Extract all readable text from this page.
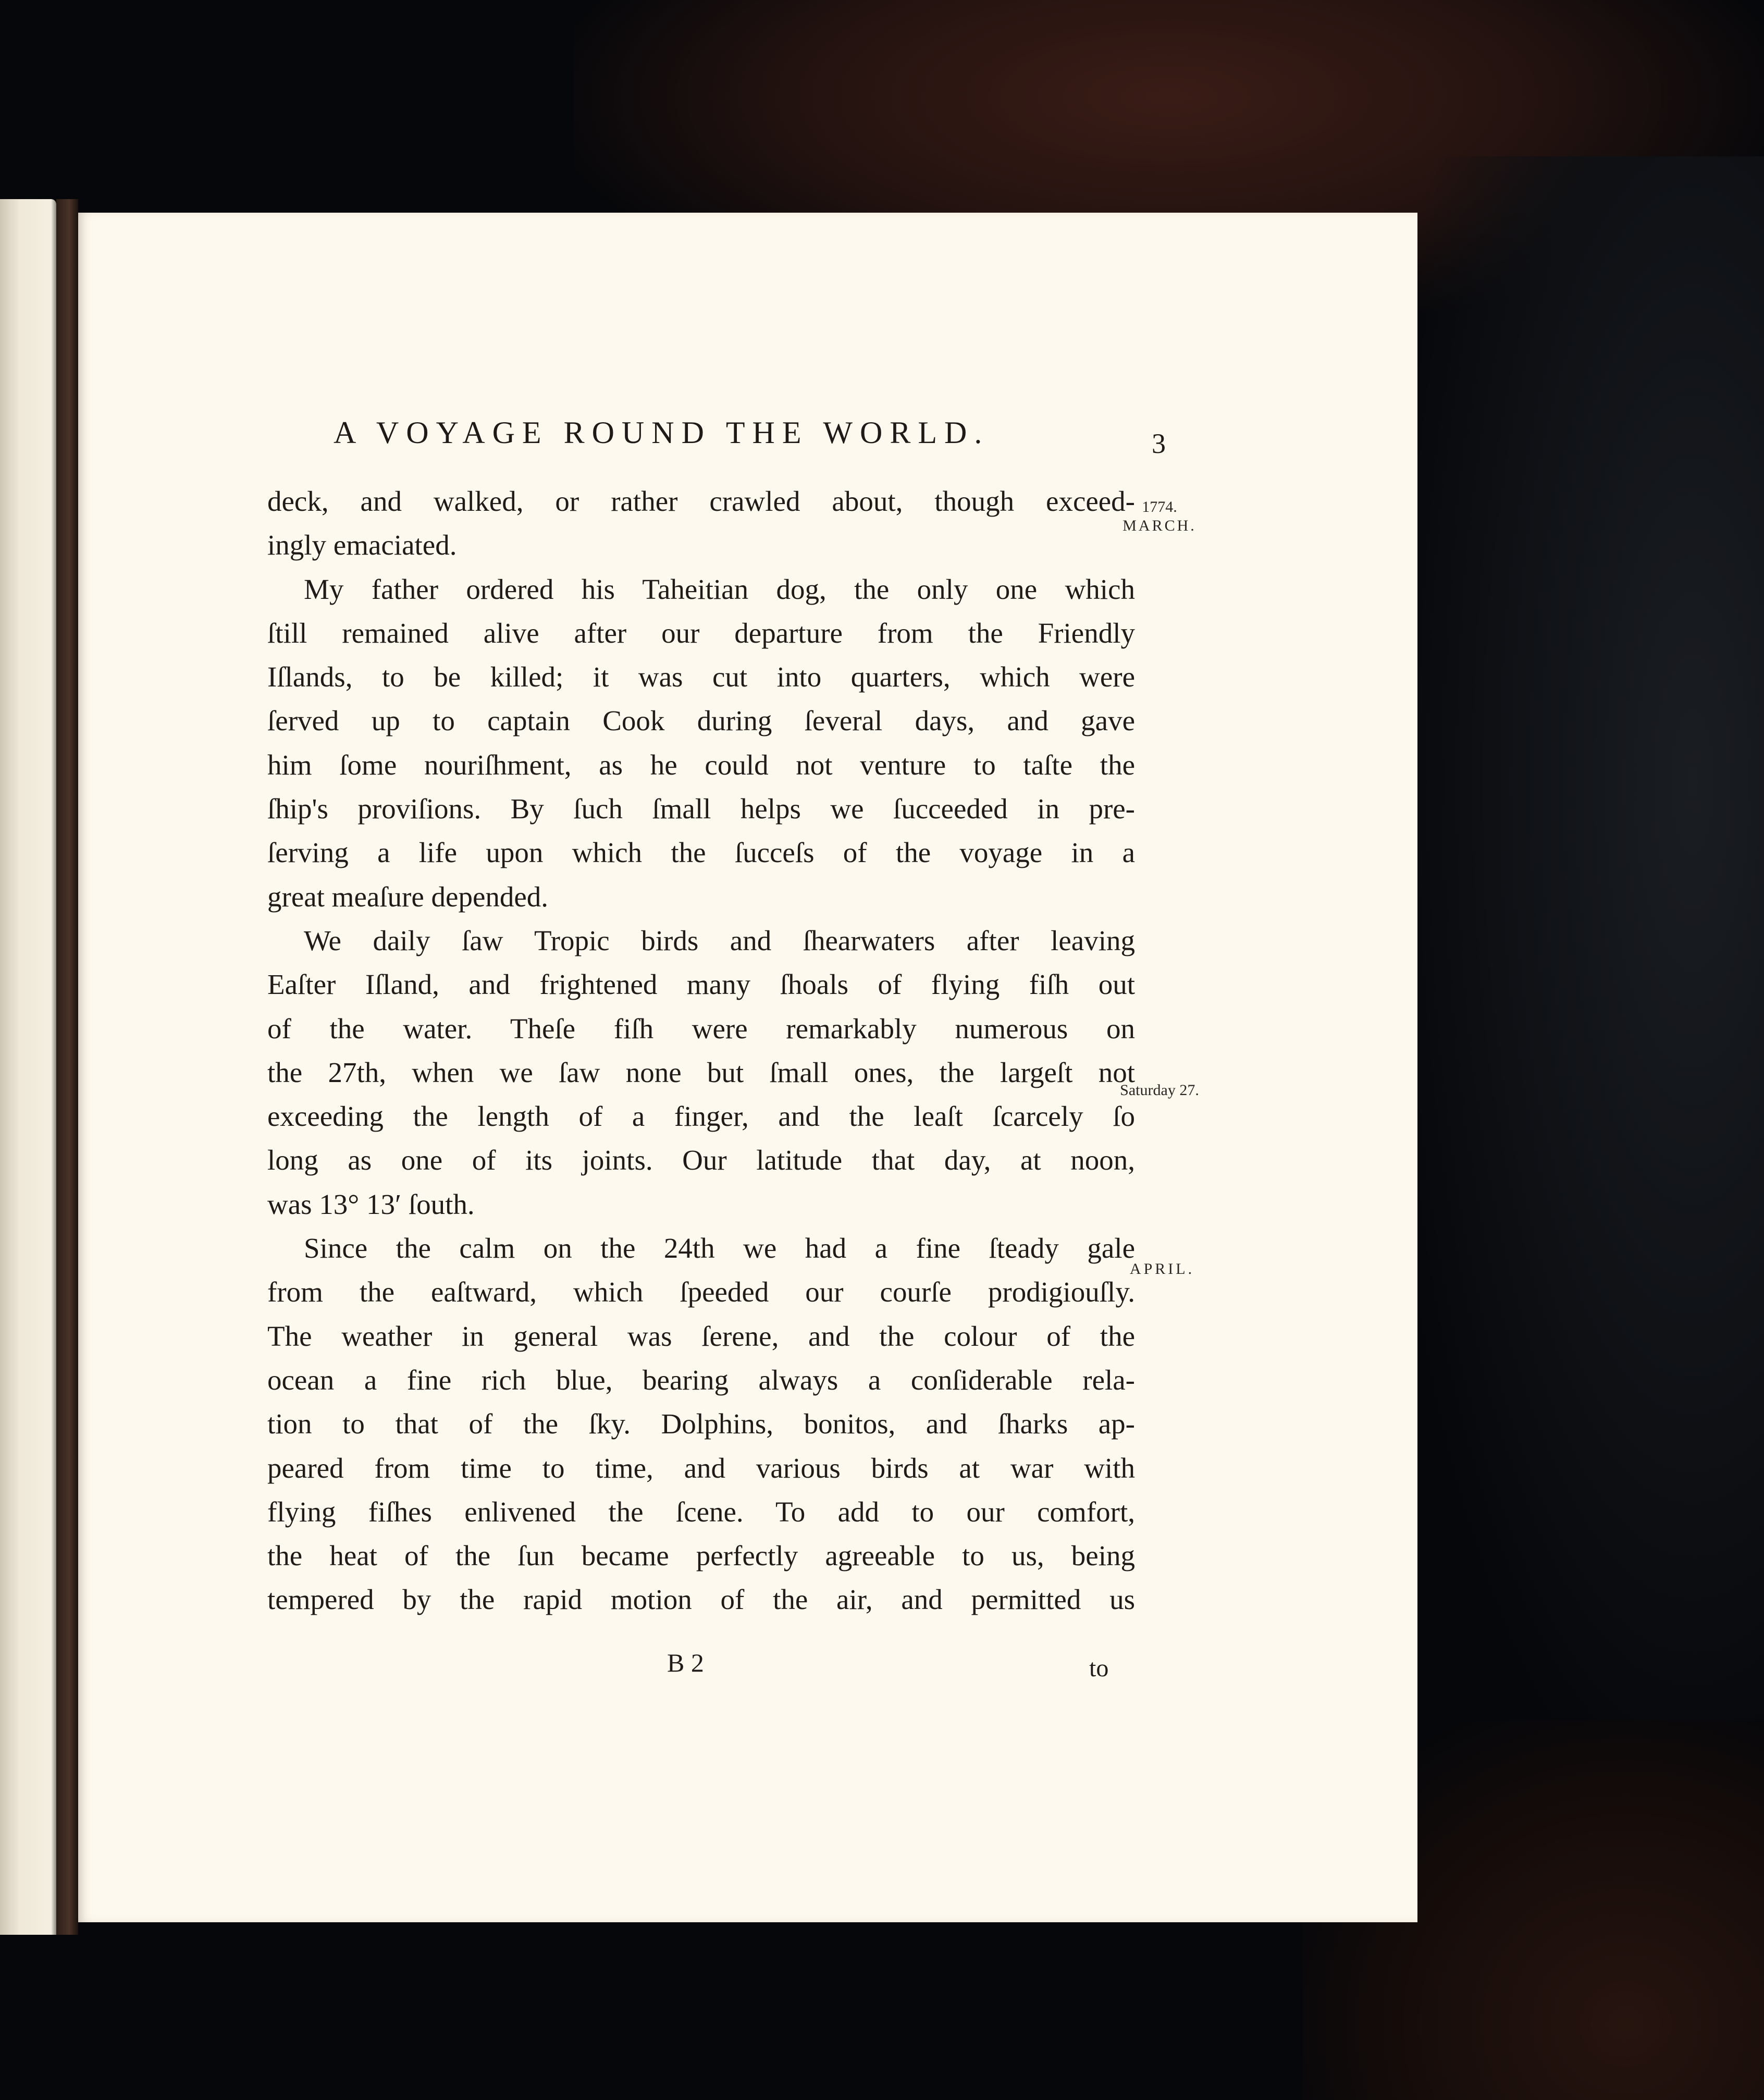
A VOYAGE ROUND THE WORLD.	3
1774.
MARCH.
Saturday 27.
APRIL.
deck, and walked, or rather crawled about, though exceed-
ingly emaciated.
My father ordered his Taheitian dog, the only one which
ſtill remained alive after our departure from the Friendly
Iſlands, to be killed; it was cut into quarters, which were
ſerved up to captain Cook during ſeveral days, and gave
him ſome nouriſhment, as he could not venture to taſte the
ſhip's proviſions. By ſuch ſmall helps we ſucceeded in pre-
ſerving a life upon which the ſucceſs of the voyage in a
great meaſure depended.
We daily ſaw Tropic birds and ſhearwaters after leaving
Eaſter Iſland, and frightened many ſhoals of flying fiſh out
of the water. Theſe fiſh were remarkably numerous on
the 27th, when we ſaw none but ſmall ones, the largeſt not
exceeding the length of a finger, and the leaſt ſcarcely ſo
long as one of its joints. Our latitude that day, at noon,
was 13° 13′ ſouth.
Since the calm on the 24th we had a fine ſteady gale
from the eaſtward, which ſpeeded our courſe prodigiouſly.
The weather in general was ſerene, and the colour of the
ocean a fine rich blue, bearing always a conſiderable rela-
tion to that of the ſky. Dolphins, bonitos, and ſharks ap-
peared from time to time, and various birds at war with
flying fiſhes enlivened the ſcene. To add to our comfort,
the heat of the ſun became perfectly agreeable to us, being
tempered by the rapid motion of the air, and permitted us
B 2	to
